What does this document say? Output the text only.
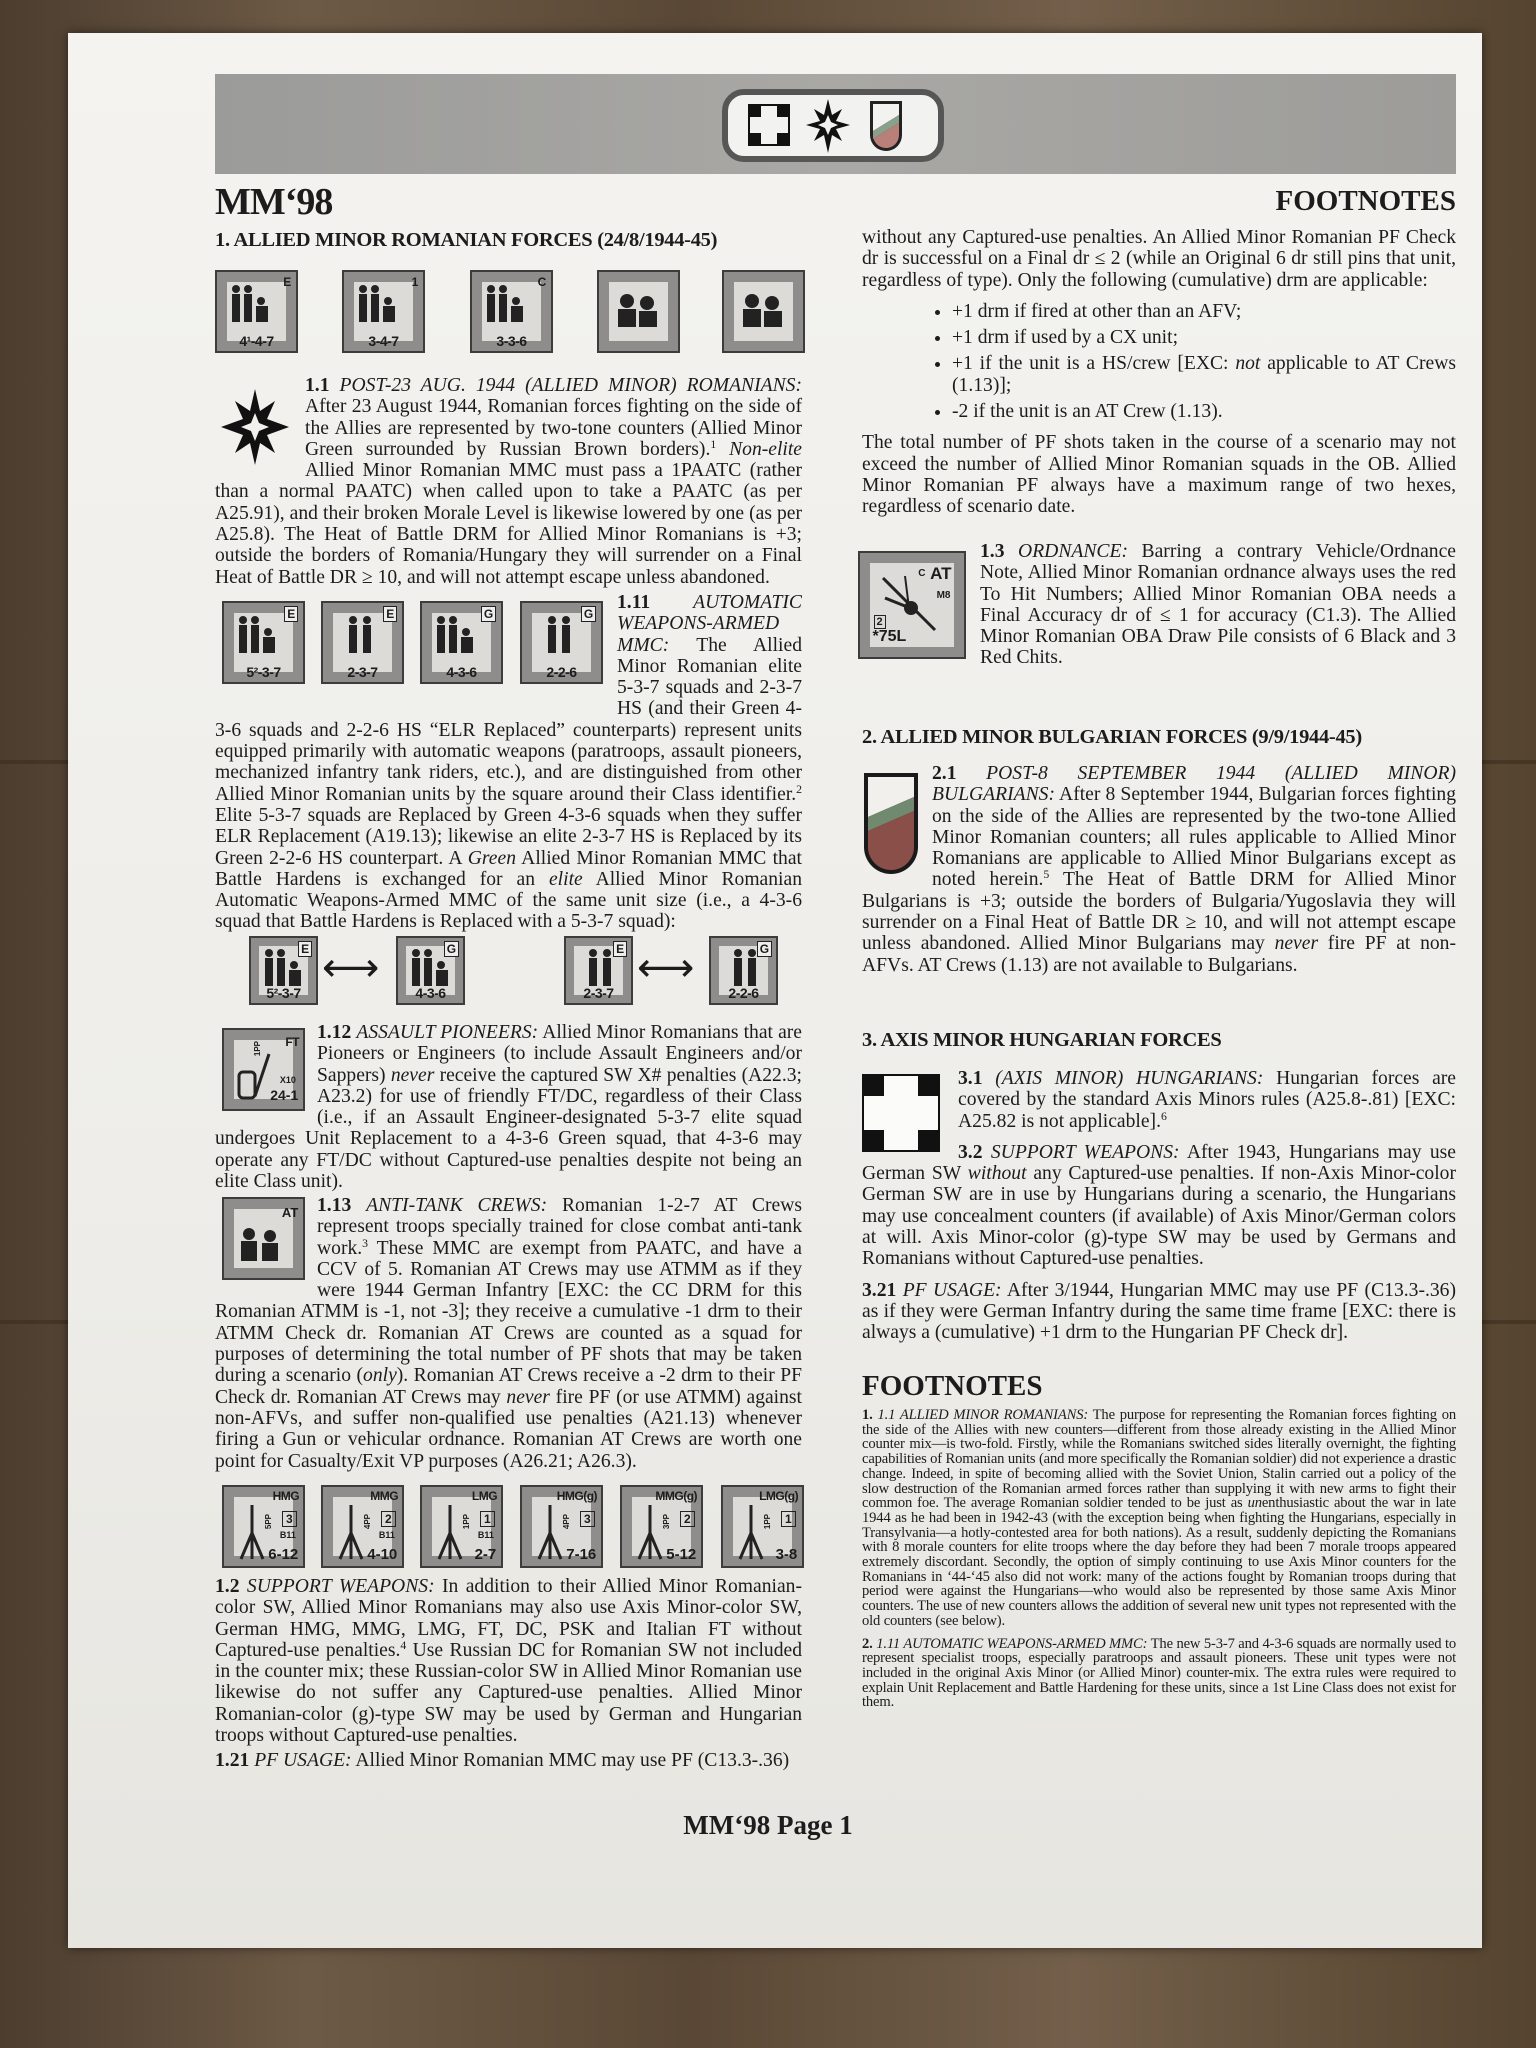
MM‘98	FOOTNOTES
1. ALLIED MINOR ROMANIAN FORCES (24/8/1944-45)
E
4¹-4-7
1
3-4-7
C
3-3-6
1.1 POST-23 AUG. 1944 (ALLIED MINOR) ROMANIANS: After 23 August 1944, Romanian forces fighting on the side of the Allies are represented by two-tone counters (Allied Minor Green surrounded by Russian Brown borders).$^1$ Non-elite Allied Minor Romanian MMC must pass a 1PAATC (rather than a normal PAATC) when called upon to take a PAATC (as per A25.91), and their broken Morale Level is likewise lowered by one (as per A25.8). The Heat of Battle DRM for Allied Minor Romanians is +3; outside the borders of Romania/Hungary they will surrender on a Final Heat of Battle DR ≥ 10, and will not attempt escape unless abandoned.
E
5²-3-7
E
2-3-7
G
4-3-6
G
2-2-6
1.11 AUTOMATIC WEAPONS-ARMED MMC: The Allied Minor Romanian elite 5-3-7 squads and 2-3-7 HS (and their Green 4-3-6 squads and 2-2-6 HS “ELR Replaced” counterparts) represent units equipped primarily with automatic weapons (paratroops, assault pioneers, mechanized infantry tank riders, etc.), and are distinguished from other Allied Minor Romanian units by the square around their Class identifier.$^2$ Elite 5-3-7 squads are Replaced by Green 4-3-6 squads when they suffer ELR Replacement (A19.13); likewise an elite 2-3-7 HS is Replaced by its Green 2-2-6 HS counterpart. A Green Allied Minor Romanian MMC that Battle Hardens is exchanged for an elite Allied Minor Romanian Automatic Weapons-Armed MMC of the same unit size (i.e., a 4-3-6 squad that Battle Hardens is Replaced with a 5-3-7 squad):
E
5²-3-7
⟷	G
4-3-6
E
2-3-7
⟷	G
2-2-6
FT
1PP
X10
24-1
1.12 ASSAULT PIONEERS: Allied Minor Romanians that are Pioneers or Engineers (to include Assault Engineers and/or Sappers) never receive the captured SW X# penalties (A22.3; A23.2) for use of friendly FT/DC, regardless of their Class (i.e., if an Assault Engineer-designated 5-3-7 elite squad undergoes Unit Replacement to a 4-3-6 Green squad, that 4-3-6 may operate any FT/DC without Captured-use penalties despite not being an elite Class unit).
AT 1.13 ANTI-TANK CREWS: Romanian 1-2-7 AT Crews represent troops specially trained for close combat anti-tank work.$^3$ These MMC are exempt from PAATC, and have a CCV of 5. Romanian AT Crews may use ATMM as if they were 1944 German Infantry [EXC: the CC DRM for this Romanian ATMM is -1, not -3]; they receive a cumulative -1 drm to their ATMM Check dr. Romanian AT Crews are counted as a squad for purposes of determining the total number of PF shots that may be taken during a scenario (only). Romanian AT Crews receive a -2 drm to their PF Check dr. Romanian AT Crews may never fire PF (or use ATMM) against non-AFVs, and suffer non-qualified use penalties (A21.13) whenever firing a Gun or vehicular ordnance. Romanian AT Crews are worth one point for Casualty/Exit VP purposes (A26.21; A26.3).
HMG
5PP	3
B11
6-12
MMG
4PP	2
B11
4-10
LMG
1PP	1
B11
2-7
HMG(g)
4PP	3
7-16
MMG(g)
3PP	2
5-12
LMG(g)
1PP	1
3-8
1.2 SUPPORT WEAPONS: In addition to their Allied Minor Romanian-color SW, Allied Minor Romanians may also use Axis Minor-color SW, German HMG, MMG, LMG, FT, DC, PSK and Italian FT without Captured-use penalties.$^4$ Use Russian DC for Romanian SW not included in the counter mix; these Russian-color SW in Allied Minor Romanian use likewise do not suffer any Captured-use penalties. Allied Minor Romanian-color (g)-type SW may be used by German and Hungarian troops without Captured-use penalties.
1.21 PF USAGE: Allied Minor Romanian MMC may use PF (C13.3-.36)

without any Captured-use penalties. An Allied Minor Romanian PF Check dr is successful on a Final dr ≤ 2 (while an Original 6 dr still pins that unit, regardless of type). Only the following (cumulative) drm are applicable:

• +1 drm if fired at other than an AFV;
• +1 drm if used by a CX unit;
• +1 if the unit is a HS/crew [EXC: not applicable to AT Crews (1.13)];
• -2 if the unit is an AT Crew (1.13).

The total number of PF shots taken in the course of a scenario may not exceed the number of Allied Minor Romanian squads in the OB. Allied Minor Romanian PF always have a maximum range of two hexes, regardless of scenario date.

C AT
M8
2
*75L
1.3 ORDNANCE: Barring a contrary Vehicle/Ordnance Note, Allied Minor Romanian ordnance always uses the red To Hit Numbers; Allied Minor Romanian OBA needs a Final Accuracy dr of ≤ 1 for accuracy (C1.3). The Allied Minor Romanian OBA Draw Pile consists of 6 Black and 3 Red Chits.
2. ALLIED MINOR BULGARIAN FORCES (9/9/1944-45)
2.1 POST-8 SEPTEMBER 1944 (ALLIED MINOR) BULGARIANS: After 8 September 1944, Bulgarian forces fighting on the side of the Allies are represented by the two-tone Allied Minor Romanian counters; all rules applicable to Allied Minor Romanians are applicable to Allied Minor Bulgarians except as noted herein.$^5$ The Heat of Battle DRM for Allied Minor Bulgarians is +3; outside the borders of Bulgaria/Yugoslavia they will surrender on a Final Heat of Battle DR ≥ 10, and will not attempt escape unless abandoned. Allied Minor Bulgarians may never fire PF at non-AFVs. AT Crews (1.13) are not available to Bulgarians.
3. AXIS MINOR HUNGARIAN FORCES

3.1 (AXIS MINOR) HUNGARIANS: Hungarian forces are covered by the standard Axis Minors rules (A25.8-.81) [EXC: A25.82 is not applicable].$^6$

3.2 SUPPORT WEAPONS: After 1943, Hungarians may use German SW without any Captured-use penalties. If non-Axis Minor-color German SW are in use by Hungarians during a scenario, the Hungarians may use concealment counters (if available) of Axis Minor/German colors at will. Axis Minor-color (g)-type SW may be used by Germans and Romanians without Captured-use penalties.

3.21 PF USAGE: After 3/1944, Hungarian MMC may use PF (C13.3-.36) as if they were German Infantry during the same time frame [EXC: there is always a (cumulative) +1 drm to the Hungarian PF Check dr].

FOOTNOTES

1. 1.1 ALLIED MINOR ROMANIANS: The purpose for representing the Romanian forces fighting on the side of the Allies with new counters—different from those already existing in the Allied Minor counter mix—is two-fold. Firstly, while the Romanians switched sides literally overnight, the fighting capabilities of Romanian units (and more specifically the Romanian soldier) did not experience a drastic change. Indeed, in spite of becoming allied with the Soviet Union, Stalin carried out a policy of the slow destruction of the Romanian armed forces rather than supplying it with new arms to fight their common foe. The average Romanian soldier tended to be just as unenthusiastic about the war in late 1944 as he had been in 1942-43 (with the exception being when fighting the Hungarians, especially in Transylvania—a hotly-contested area for both nations). As a result, suddenly depicting the Romanians with 8 morale counters for elite troops where the day before they had been 7 morale troops appeared extremely discordant. Secondly, the option of simply continuing to use Axis Minor counters for the Romanians in ‘44-‘45 also did not work: many of the actions fought by Romanian troops during that period were against the Hungarians—who would also be represented by those same Axis Minor counters. The use of new counters allows the addition of several new unit types not represented with the old counters (see below).

2. 1.11 AUTOMATIC WEAPONS-ARMED MMC: The new 5-3-7 and 4-3-6 squads are normally used to represent specialist troops, especially paratroops and assault pioneers. These unit types were not included in the original Axis Minor (or Allied Minor) counter-mix. The extra rules were required to explain Unit Replacement and Battle Hardening for these units, since a 1st Line Class does not exist for them.

MM‘98 Page 1
